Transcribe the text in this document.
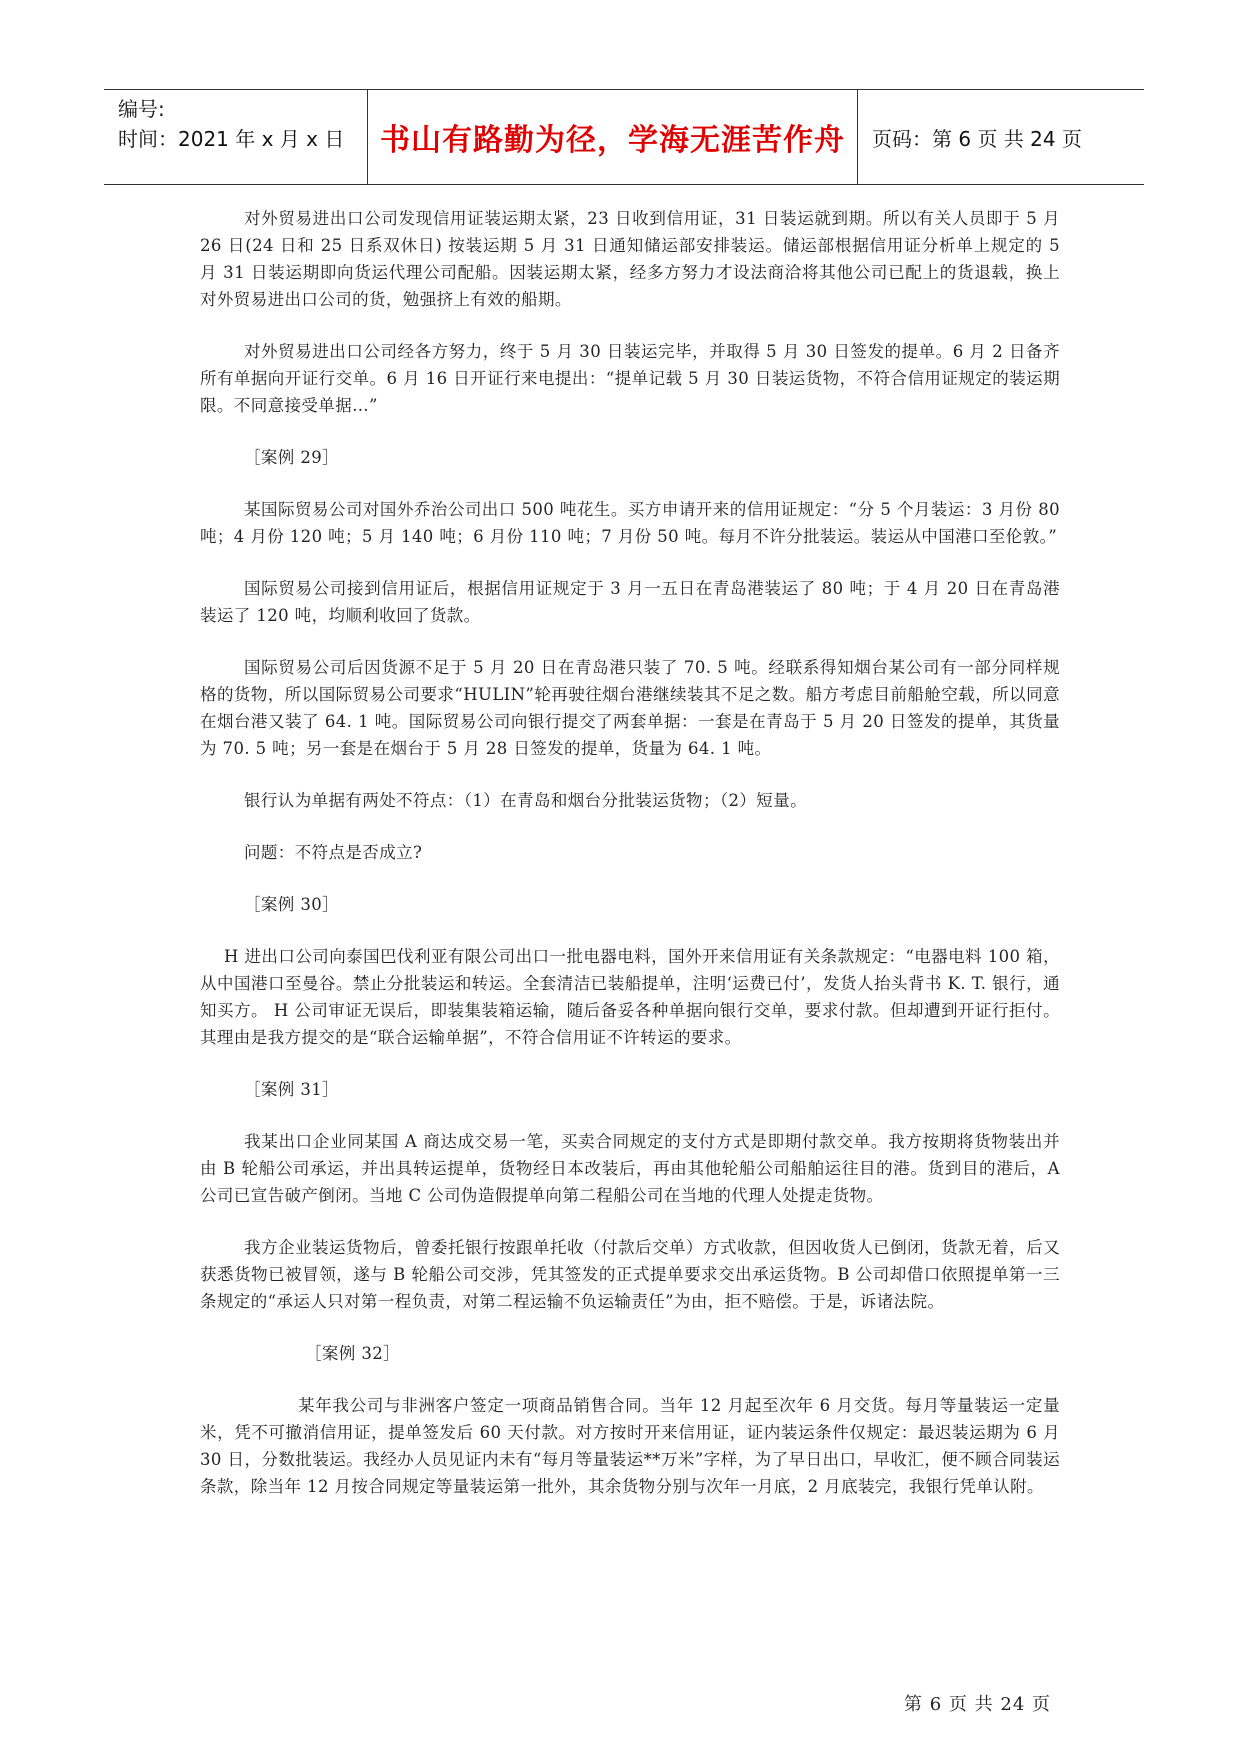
编号:
时间：2021 年 x 月 x 日	书山有路勤为径，学海无涯苦作舟	页码：第 6 页 共 24 页

对外贸易进出口公司发现信用证装运期太紧，23 日收到信用证，31 日装运就到期。所以有关人员即于 5 月 26 日(24 日和 25 日系双休日) 按装运期 5 月 31 日通知储运部安排装运。储运部根据信用证分析单上规定的 5 月 31 日装运期即向货运代理公司配船。因装运期太紧，经多方努力才设法商洽将其他公司已配上的货退载，换上对外贸易进出口公司的货，勉强挤上有效的船期。

对外贸易进出口公司经各方努力，终于 5 月 30 日装运完毕，并取得 5 月 30 日签发的提单。6 月 2 日备齐所有单据向开证行交单。6 月 16 日开证行来电提出：“提单记载 5 月 30 日装运货物，不符合信用证规定的装运期限。不同意接受单据…”

［案例 29］

某国际贸易公司对国外乔治公司出口 500 吨花生。买方申请开来的信用证规定：“分 5 个月装运：3 月份 80 吨；4 月份 120 吨；5 月 140 吨；6 月份 110 吨；7 月份 50 吨。每月不许分批装运。装运从中国港口至伦敦。”

国际贸易公司接到信用证后，根据信用证规定于 3 月一五日在青岛港装运了 80 吨；于 4 月 20 日在青岛港装运了 120 吨，均顺利收回了货款。

国际贸易公司后因货源不足于 5 月 20 日在青岛港只装了 70. 5 吨。经联系得知烟台某公司有一部分同样规格的货物，所以国际贸易公司要求“HULIN”轮再驶往烟台港继续装其不足之数。船方考虑目前船舱空载，所以同意在烟台港又装了 64. 1 吨。国际贸易公司向银行提交了两套单据：一套是在青岛于 5 月 20 日签发的提单，其货量为 70. 5 吨；另一套是在烟台于 5 月 28 日签发的提单，货量为 64. 1 吨。

银行认为单据有两处不符点：（1）在青岛和烟台分批装运货物；（2）短量。

问题：不符点是否成立?

［案例 30］

H 进出口公司向泰国巴伐利亚有限公司出口一批电器电料，国外开来信用证有关条款规定：“电器电料 100 箱，从中国港口至曼谷。禁止分批装运和转运。全套清洁已装船提单，注明‘运费已付’，发货人抬头背书 K. T. 银行，通知买方。 H 公司审证无误后，即装集装箱运输，随后备妥各种单据向银行交单，要求付款。但却遭到开证行拒付。其理由是我方提交的是“联合运输单据”，不符合信用证不许转运的要求。

［案例 31］

我某出口企业同某国 A 商达成交易一笔，买卖合同规定的支付方式是即期付款交单。我方按期将货物装出并由 B 轮船公司承运，并出具转运提单，货物经日本改装后，再由其他轮船公司船舶运往目的港。货到目的港后，A 公司已宣告破产倒闭。当地 C 公司伪造假提单向第二程船公司在当地的代理人处提走货物。

我方企业装运货物后，曾委托银行按跟单托收（付款后交单）方式收款，但因收货人已倒闭，货款无着，后又获悉货物已被冒领，遂与 B 轮船公司交涉，凭其签发的正式提单要求交出承运货物。B 公司却借口依照提单第一三条规定的“承运人只对第一程负责，对第二程运输不负运输责任”为由，拒不赔偿。于是，诉诸法院。

［案例 32］

某年我公司与非洲客户签定一项商品销售合同。当年 12 月起至次年 6 月交货。每月等量装运一定量米，凭不可撤消信用证，提单签发后 60 天付款。对方按时开来信用证，证内装运条件仅规定：最迟装运期为 6 月 30 日，分数批装运。我经办人员见证内未有“每月等量装运**万米”字样，为了早日出口，早收汇，便不顾合同装运条款，除当年 12 月按合同规定等量装运第一批外，其余货物分别与次年一月底，2 月底装完，我银行凭单认附。

第 6 页 共 24 页
